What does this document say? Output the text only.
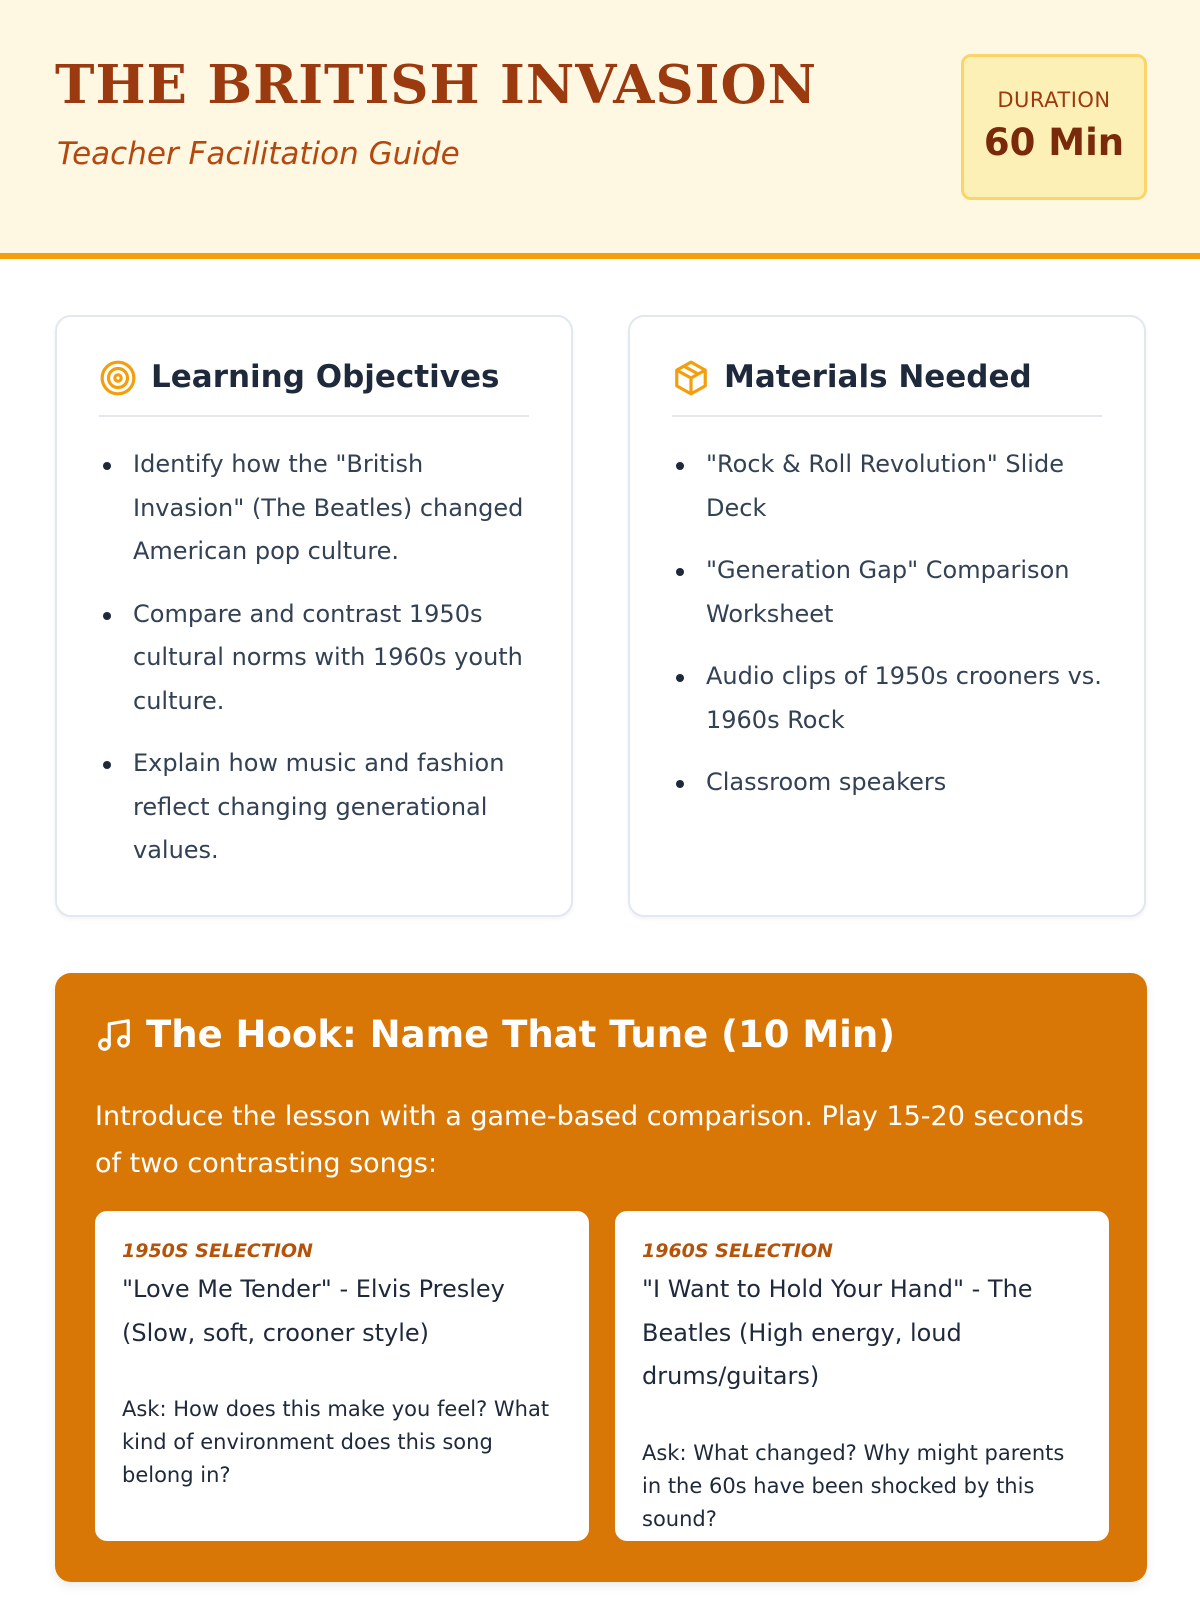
THE BRITISH INVASION
Teacher Facilitation Guide
DURATION
60 Min
Learning Objectives
Identify how the "British Invasion" (The Beatles) changed American pop culture.
Compare and contrast 1950s cultural norms with 1960s youth culture.
Explain how music and fashion reflect changing generational values.
Materials Needed
"Rock & Roll Revolution" Slide Deck
"Generation Gap" Comparison Worksheet
Audio clips of 1950s crooners vs. 1960s Rock
Classroom speakers
The Hook: Name That Tune (10 Min)
Introduce the lesson with a game-based comparison. Play 15-20 seconds of two contrasting songs:
1950S SELECTION
"Love Me Tender" - Elvis Presley (Slow, soft, crooner style)
Ask: How does this make you feel? What kind of environment does this song belong in?
1960S SELECTION
"I Want to Hold Your Hand" - The Beatles (High energy, loud drums/guitars)
Ask: What changed? Why might parents in the 60s have been shocked by this sound?
